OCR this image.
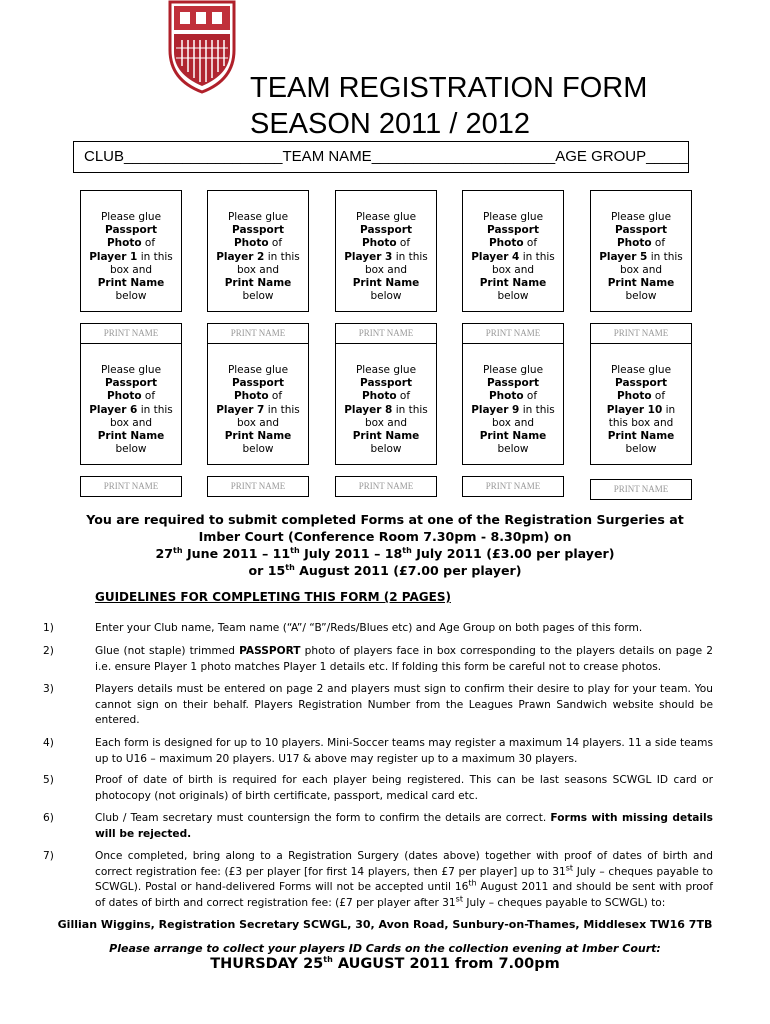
TEAM REGISTRATION FORM
SEASON 2011 / 2012
CLUB___________________TEAM NAME______________________AGE GROUP_____
Please glue
Passport
Photo of
Player 1 in this
box and
Print Name
below
PRINT NAME
Please glue
Passport
Photo of
Player 2 in this
box and
Print Name
below
PRINT NAME
Please glue
Passport
Photo of
Player 3 in this
box and
Print Name
below
PRINT NAME
Please glue
Passport
Photo of
Player 4 in this
box and
Print Name
below
PRINT NAME
Please glue
Passport
Photo of
Player 5 in this
box and
Print Name
below
PRINT NAME
Please glue
Passport
Photo of
Player 6 in this
box and
Print Name
below
PRINT NAME
Please glue
Passport
Photo of
Player 7 in this
box and
Print Name
below
PRINT NAME
Please glue
Passport
Photo of
Player 8 in this
box and
Print Name
below
PRINT NAME
Please glue
Passport
Photo of
Player 9 in this
box and
Print Name
below
PRINT NAME
Please glue
Passport
Photo of
Player 10 in
this box and
Print Name
below
PRINT NAME
You are required to submit completed Forms at one of the Registration Surgeries at
Imber Court (Conference Room 7.30pm - 8.30pm) on
27th June 2011 – 11th July 2011 – 18th July 2011 (£3.00 per player)
or 15th August 2011 (£7.00 per player)
GUIDELINES FOR COMPLETING THIS FORM (2 PAGES)
1)	Enter your Club name, Team name (“A”/ “B”/Reds/Blues etc) and Age Group on both pages of this form.
2)	Glue (not staple) trimmed PASSPORT photo of players face in box corresponding to the players details on page 2 i.e. ensure Player 1 photo matches Player 1 details etc. If folding this form be careful not to crease photos.
3)	Players details must be entered on page 2 and players must sign to confirm their desire to play for your team. You cannot sign on their behalf. Players Registration Number from the Leagues Prawn Sandwich website should be entered.
4)	Each form is designed for up to 10 players. Mini-Soccer teams may register a maximum 14 players. 11 a side teams up to U16 – maximum 20 players. U17 & above may register up to a maximum 30 players.
5)	Proof of date of birth is required for each player being registered. This can be last seasons SCWGL ID card or photocopy (not originals) of birth certificate, passport, medical card etc.
6)	Club / Team secretary must countersign the form to confirm the details are correct. Forms with missing details will be rejected.
7)	Once completed, bring along to a Registration Surgery (dates above) together with proof of dates of birth and correct registration fee: (£3 per player [for first 14 players, then £7 per player] up to 31st July – cheques payable to SCWGL). Postal or hand-delivered Forms will not be accepted until 16th August 2011 and should be sent with proof of dates of birth and correct registration fee: (£7 per player after 31st July – cheques payable to SCWGL) to:
Gillian Wiggins, Registration Secretary SCWGL, 30, Avon Road, Sunbury-on-Thames, Middlesex TW16 7TB
Please arrange to collect your players ID Cards on the collection evening at Imber Court:
THURSDAY 25th AUGUST 2011 from 7.00pm
